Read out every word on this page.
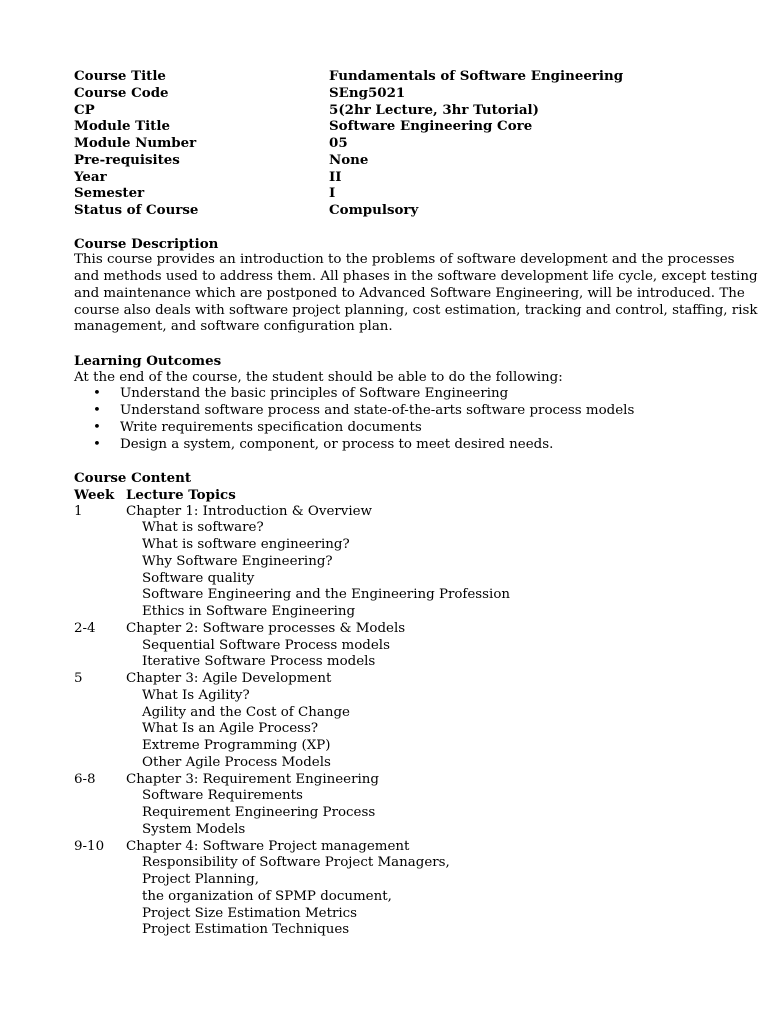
Course Title	Fundamentals of Software Engineering
Course Code	SEng5021
CP	5(2hr Lecture, 3hr Tutorial)
Module Title	Software Engineering Core
Module Number	05
Pre-requisites	None
Year	II
Semester	I
Status of Course	Compulsory
Course Description
This course provides an introduction to the problems of software development and the processes
and methods used to address them. All phases in the software development life cycle, except testing
and maintenance which are postponed to Advanced Software Engineering, will be introduced. The
course also deals with software project planning, cost estimation, tracking and control, staffing, risk
management, and software configuration plan.
Learning Outcomes
At the end of the course, the student should be able to do the following:
•	Understand the basic principles of Software Engineering
•	Understand software process and state-of-the-arts software process models
•	Write requirements specification documents
•	Design a system, component, or process to meet desired needs.
Course Content
Week Lecture Topics
1	Chapter 1: Introduction & Overview
What is software?
What is software engineering?
Why Software Engineering?
Software quality
Software Engineering and the Engineering Profession
Ethics in Software Engineering
2-4	Chapter 2: Software processes & Models
Sequential Software Process models
Iterative Software Process models
5	Chapter 3: Agile Development
What Is Agility?
Agility and the Cost of Change
What Is an Agile Process?
Extreme Programming (XP)
Other Agile Process Models
6-8	Chapter 3: Requirement Engineering
Software Requirements
Requirement Engineering Process
System Models
9-10	Chapter 4: Software Project management
Responsibility of Software Project Managers,
Project Planning,
the organization of SPMP document,
Project Size Estimation Metrics
Project Estimation Techniques
